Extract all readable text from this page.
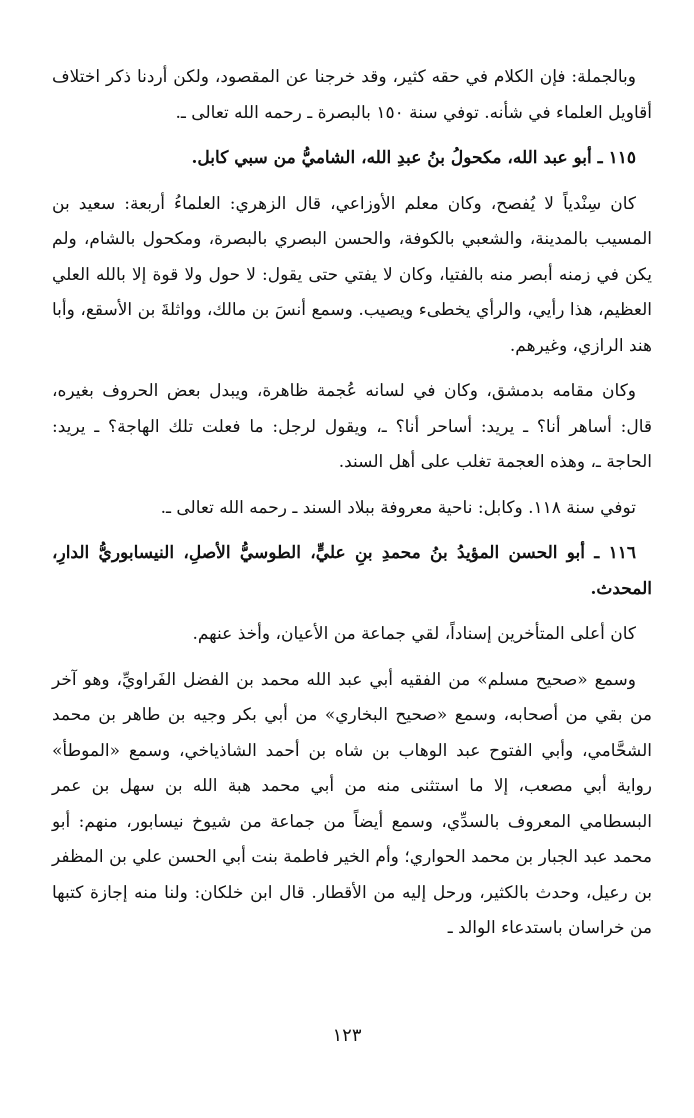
وبالجملة: فإن الكلام في حقه كثير، وقد خرجنا عن المقصود، ولكن أردنا ذكر اختلاف أقاويل العلماء في شأنه. توفي سنة ١٥٠ بالبصرة ـ رحمه الله تعالى ـ.

١١٥ ـ أبو عبد الله، مكحولُ بنُ عبدِ الله، الشاميُّ من سبي كابل.

كان سِنْدياً لا يُفصح، وكان معلم الأوزاعي، قال الزهري: العلماءُ أربعة: سعيد بن المسيب بالمدينة، والشعبي بالكوفة، والحسن البصري بالبصرة، ومكحول بالشام، ولم يكن في زمنه أبصر منه بالفتيا، وكان لا يفتي حتى يقول: لا حول ولا قوة إلا بالله العلي العظيم، هذا رأيي، والرأي يخطىء ويصيب. وسمع أنسَ بن مالك، وواثلةَ بن الأسقع، وأبا هند الرازي، وغيرهم.

وكان مقامه بدمشق، وكان في لسانه عُجمة ظاهرة، ويبدل بعض الحروف بغيره، قال: أساهر أنا؟ ـ يريد: أساحر أنا؟ ـ، ويقول لرجل: ما فعلت تلك الهاجة؟ ـ يريد: الحاجة ـ، وهذه العجمة تغلب على أهل السند.

توفي سنة ١١٨. وكابل: ناحية معروفة ببلاد السند ـ رحمه الله تعالى ـ.

١١٦ ـ أبو الحسن المؤيدُ بنُ محمدِ بنِ عليٍّ، الطوسيُّ الأصلِ، النيسابوريُّ الدارِ، المحدث.

كان أعلى المتأخرين إسناداً، لقي جماعة من الأعيان، وأخذ عنهم.

وسمع «صحيح مسلم» من الفقيه أبي عبد الله محمد بن الفضل الفَراويِّ، وهو آخر من بقي من أصحابه، وسمع «صحيح البخاري» من أبي بكر وجيه بن طاهر بن محمد الشحَّامي، وأبي الفتوح عبد الوهاب بن شاه بن أحمد الشاذياخي، وسمع «الموطأ» رواية أبي مصعب، إلا ما استثنى منه من أبي محمد هبة الله بن سهل بن عمر البسطامي المعروف بالسدِّي، وسمع أيضاً من جماعة من شيوخ نيسابور، منهم: أبو محمد عبد الجبار بن محمد الحواري؛ وأم الخير فاطمة بنت أبي الحسن علي بن المظفر بن رعيل، وحدث بالكثير، ورحل إليه من الأقطار. قال ابن خلكان: ولنا منه إجازة كتبها من خراسان باستدعاء الوالد ـ

١٢٣
